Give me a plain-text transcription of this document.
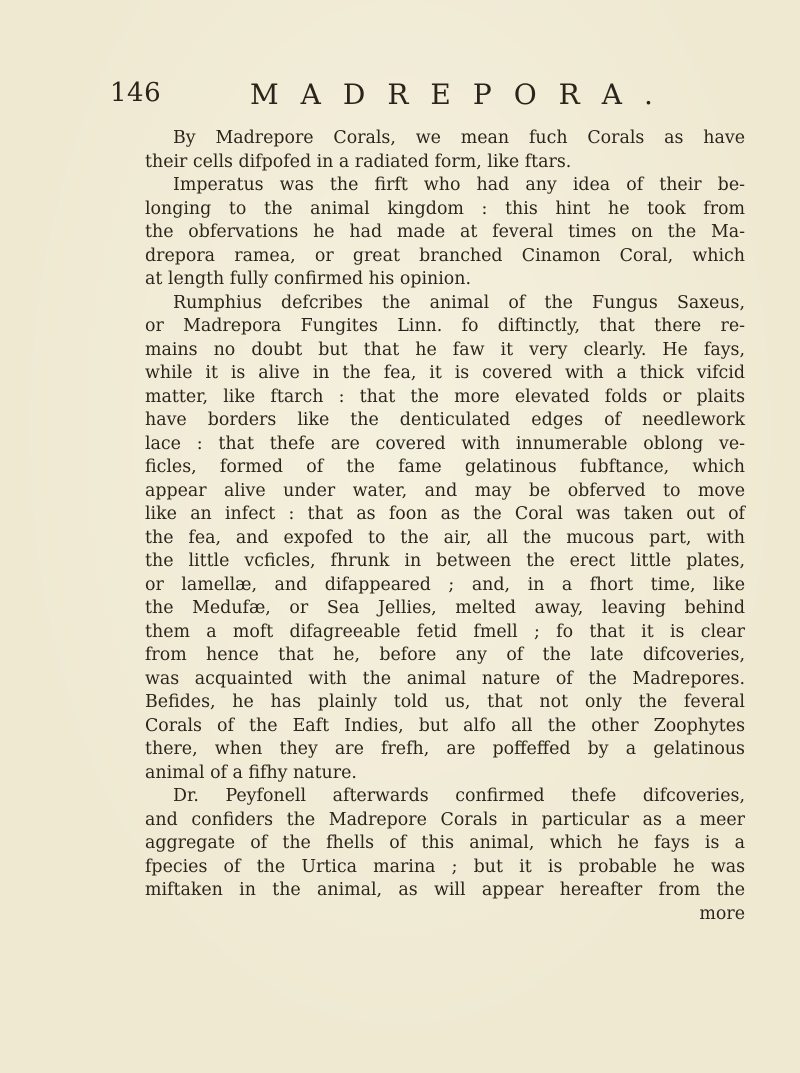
146	MADREPORA.
By Madrepore Corals, we mean fuch Corals as have
their cells difpofed in a radiated form, like ftars.
Imperatus was the firft who had any idea of their be-
longing to the animal kingdom : this hint he took from
the obfervations he had made at feveral times on the Ma-
drepora ramea, or great branched Cinamon Coral, which
at length fully confirmed his opinion.
Rumphius defcribes the animal of the Fungus Saxeus,
or Madrepora Fungites Linn. fo diftinctly, that there re-
mains no doubt but that he faw it very clearly. He fays,
while it is alive in the fea, it is covered with a thick vifcid
matter, like ftarch : that the more elevated folds or plaits
have borders like the denticulated edges of needlework
lace : that thefe are covered with innumerable oblong ve-
ficles, formed of the fame gelatinous fubftance, which
appear alive under water, and may be obferved to move
like an infect : that as foon as the Coral was taken out of
the fea, and expofed to the air, all the mucous part, with
the little vcficles, fhrunk in between the erect little plates,
or lamellæ, and difappeared ; and, in a fhort time, like
the Medufæ, or Sea Jellies, melted away, leaving behind
them a moft difagreeable fetid fmell ; fo that it is clear
from hence that he, before any of the late difcoveries,
was acquainted with the animal nature of the Madrepores.
Befides, he has plainly told us, that not only the feveral
Corals of the Eaft Indies, but alfo all the other Zoophytes
there, when they are frefh, are poffeffed by a gelatinous
animal of a fifhy nature.
Dr. Peyfonell afterwards confirmed thefe difcoveries,
and confiders the Madrepore Corals in particular as a meer
aggregate of the fhells of this animal, which he fays is a
fpecies of the Urtica marina ; but it is probable he was
miftaken in the animal, as will appear hereafter from the
more
